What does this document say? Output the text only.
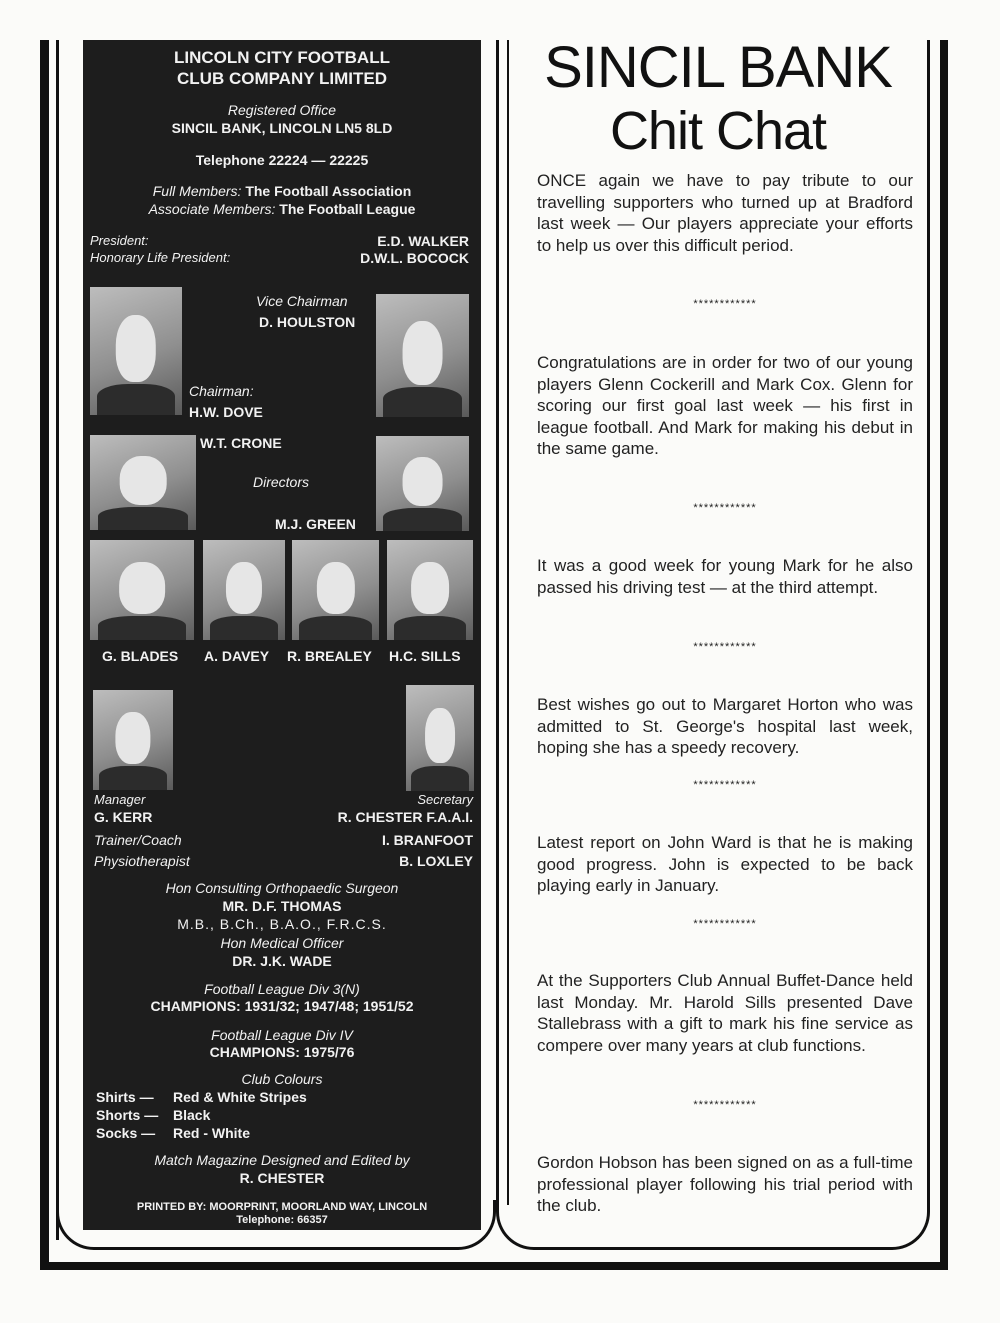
LINCOLN CITY FOOTBALL
CLUB COMPANY LIMITED
Registered Office
SINCIL BANK, LINCOLN LN5 8LD
Telephone 22224 — 22225
Full Members: The Football Association
Associate Members: The Football League
President:	E.D. WALKER
Honorary Life President:	D.W.L. BOCOCK
Vice Chairman
D. HOULSTON
Chairman:
H.W. DOVE
W.T. CRONE
Directors
M.J. GREEN
G. BLADES A. DAVEY R. BREALEY H.C. SILLS
Manager	Secretary
G. KERR	R. CHESTER F.A.A.I.
Trainer/Coach	I. BRANFOOT
Physiotherapist	B. LOXLEY
Hon Consulting Orthopaedic Surgeon
MR. D.F. THOMAS
M.B., B.Ch., B.A.O., F.R.C.S.
Hon Medical Officer
DR. J.K. WADE
Football League Div 3(N)
CHAMPIONS: 1931/32; 1947/48; 1951/52
Football League Div IV
CHAMPIONS: 1975/76
Club Colours
Shirts — Red & White Stripes
Shorts — Black
Socks — Red - White
Match Magazine Designed and Edited by
R. CHESTER
PRINTED BY: MOORPRINT, MOORLAND WAY, LINCOLN
Telephone: 66357
SINCIL BANK
Chit Chat
ONCE again we have to pay tribute to our travelling supporters who turned up at Bradford last week — Our players appreciate your efforts to help us over this difficult period.
************
Congratulations are in order for two of our young players Glenn Cockerill and Mark Cox. Glenn for scoring our first goal last week — his first in league football. And Mark for making his debut in the same game.
************
It was a good week for young Mark for he also passed his driving test — at the third attempt.
************
Best wishes go out to Margaret Horton who was admitted to St. George's hospital last week, hoping she has a speedy recovery.
************
Latest report on John Ward is that he is making good progress. John is expected to be back playing early in January.
************
At the Supporters Club Annual Buffet-Dance held last Monday. Mr. Harold Sills presented Dave Stallebrass with a gift to mark his fine service as compere over many years at club functions.
************
Gordon Hobson has been signed on as a full-time professional player following his trial period with the club.
